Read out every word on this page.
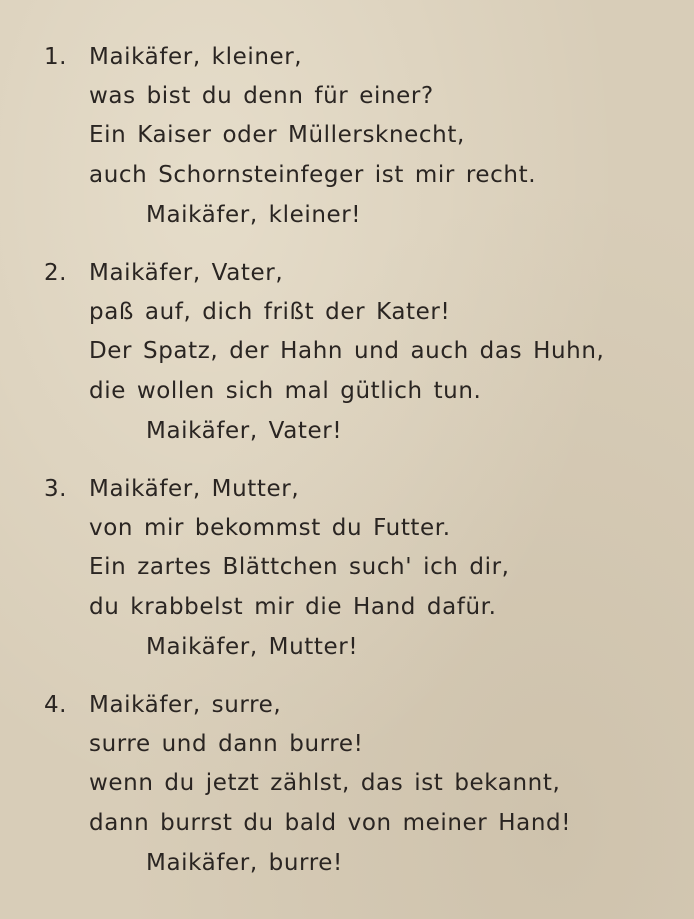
1. Maikäfer, kleiner,
was bist du denn für einer?
Ein Kaiser oder Müllersknecht,
auch Schornsteinfeger ist mir recht.
Maikäfer, kleiner!
2. Maikäfer, Vater,
paß auf, dich frißt der Kater!
Der Spatz, der Hahn und auch das Huhn,
die wollen sich mal gütlich tun.
Maikäfer, Vater!
3. Maikäfer, Mutter,
von mir bekommst du Futter.
Ein zartes Blättchen such' ich dir,
du krabbelst mir die Hand dafür.
Maikäfer, Mutter!
4. Maikäfer, surre,
surre und dann burre!
wenn du jetzt zählst, das ist bekannt,
dann burrst du bald von meiner Hand!
Maikäfer, burre!
